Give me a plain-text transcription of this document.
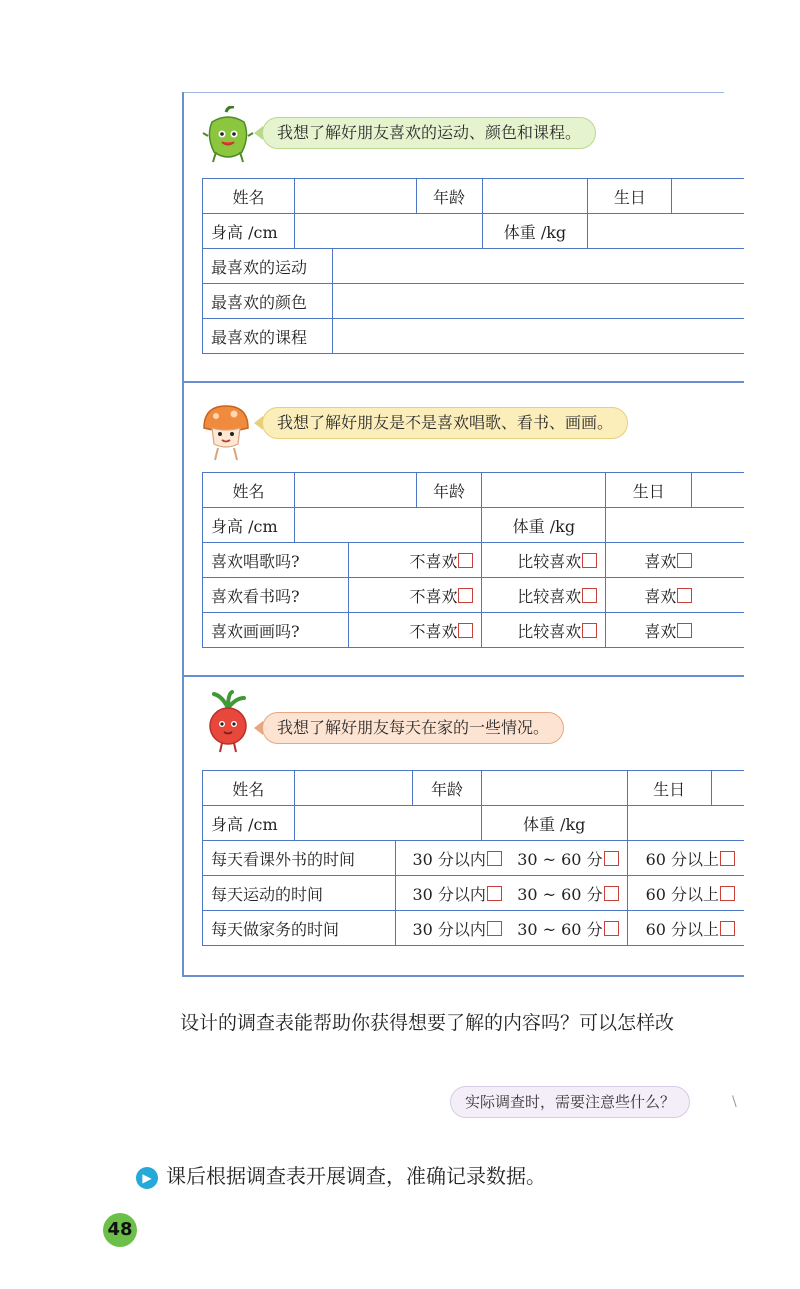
我想了解好朋友喜欢的运动、颜色和课程。
姓名			年龄		生日	
身高 /cm				体重 /kg		
最喜欢的运动						
最喜欢的颜色						
最喜欢的课程						
我想了解好朋友是不是喜欢唱歌、看书、画画。
姓名			年龄		生日	
身高 /cm				体重 /kg		
喜欢唱歌吗?		不喜欢		比较喜欢	喜欢	
喜欢看书吗?		不喜欢		比较喜欢	喜欢	
喜欢画画吗?		不喜欢		比较喜欢	喜欢	
我想了解好朋友每天在家的一些情况。
姓名			年龄		生日	
身高 /cm				体重 /kg		
每天看课外书的时间		30 分以内 30 ~ 60 分			60 分以上	
每天运动的时间		30 分以内 30 ~ 60 分			60 分以上	
每天做家务的时间		30 分以内 30 ~ 60 分			60 分以上	
设计的调查表能帮助你获得想要了解的内容吗？可以怎样改
实际调查时，需要注意些什么？	\
▶ 课后根据调查表开展调查，准确记录数据。
48
